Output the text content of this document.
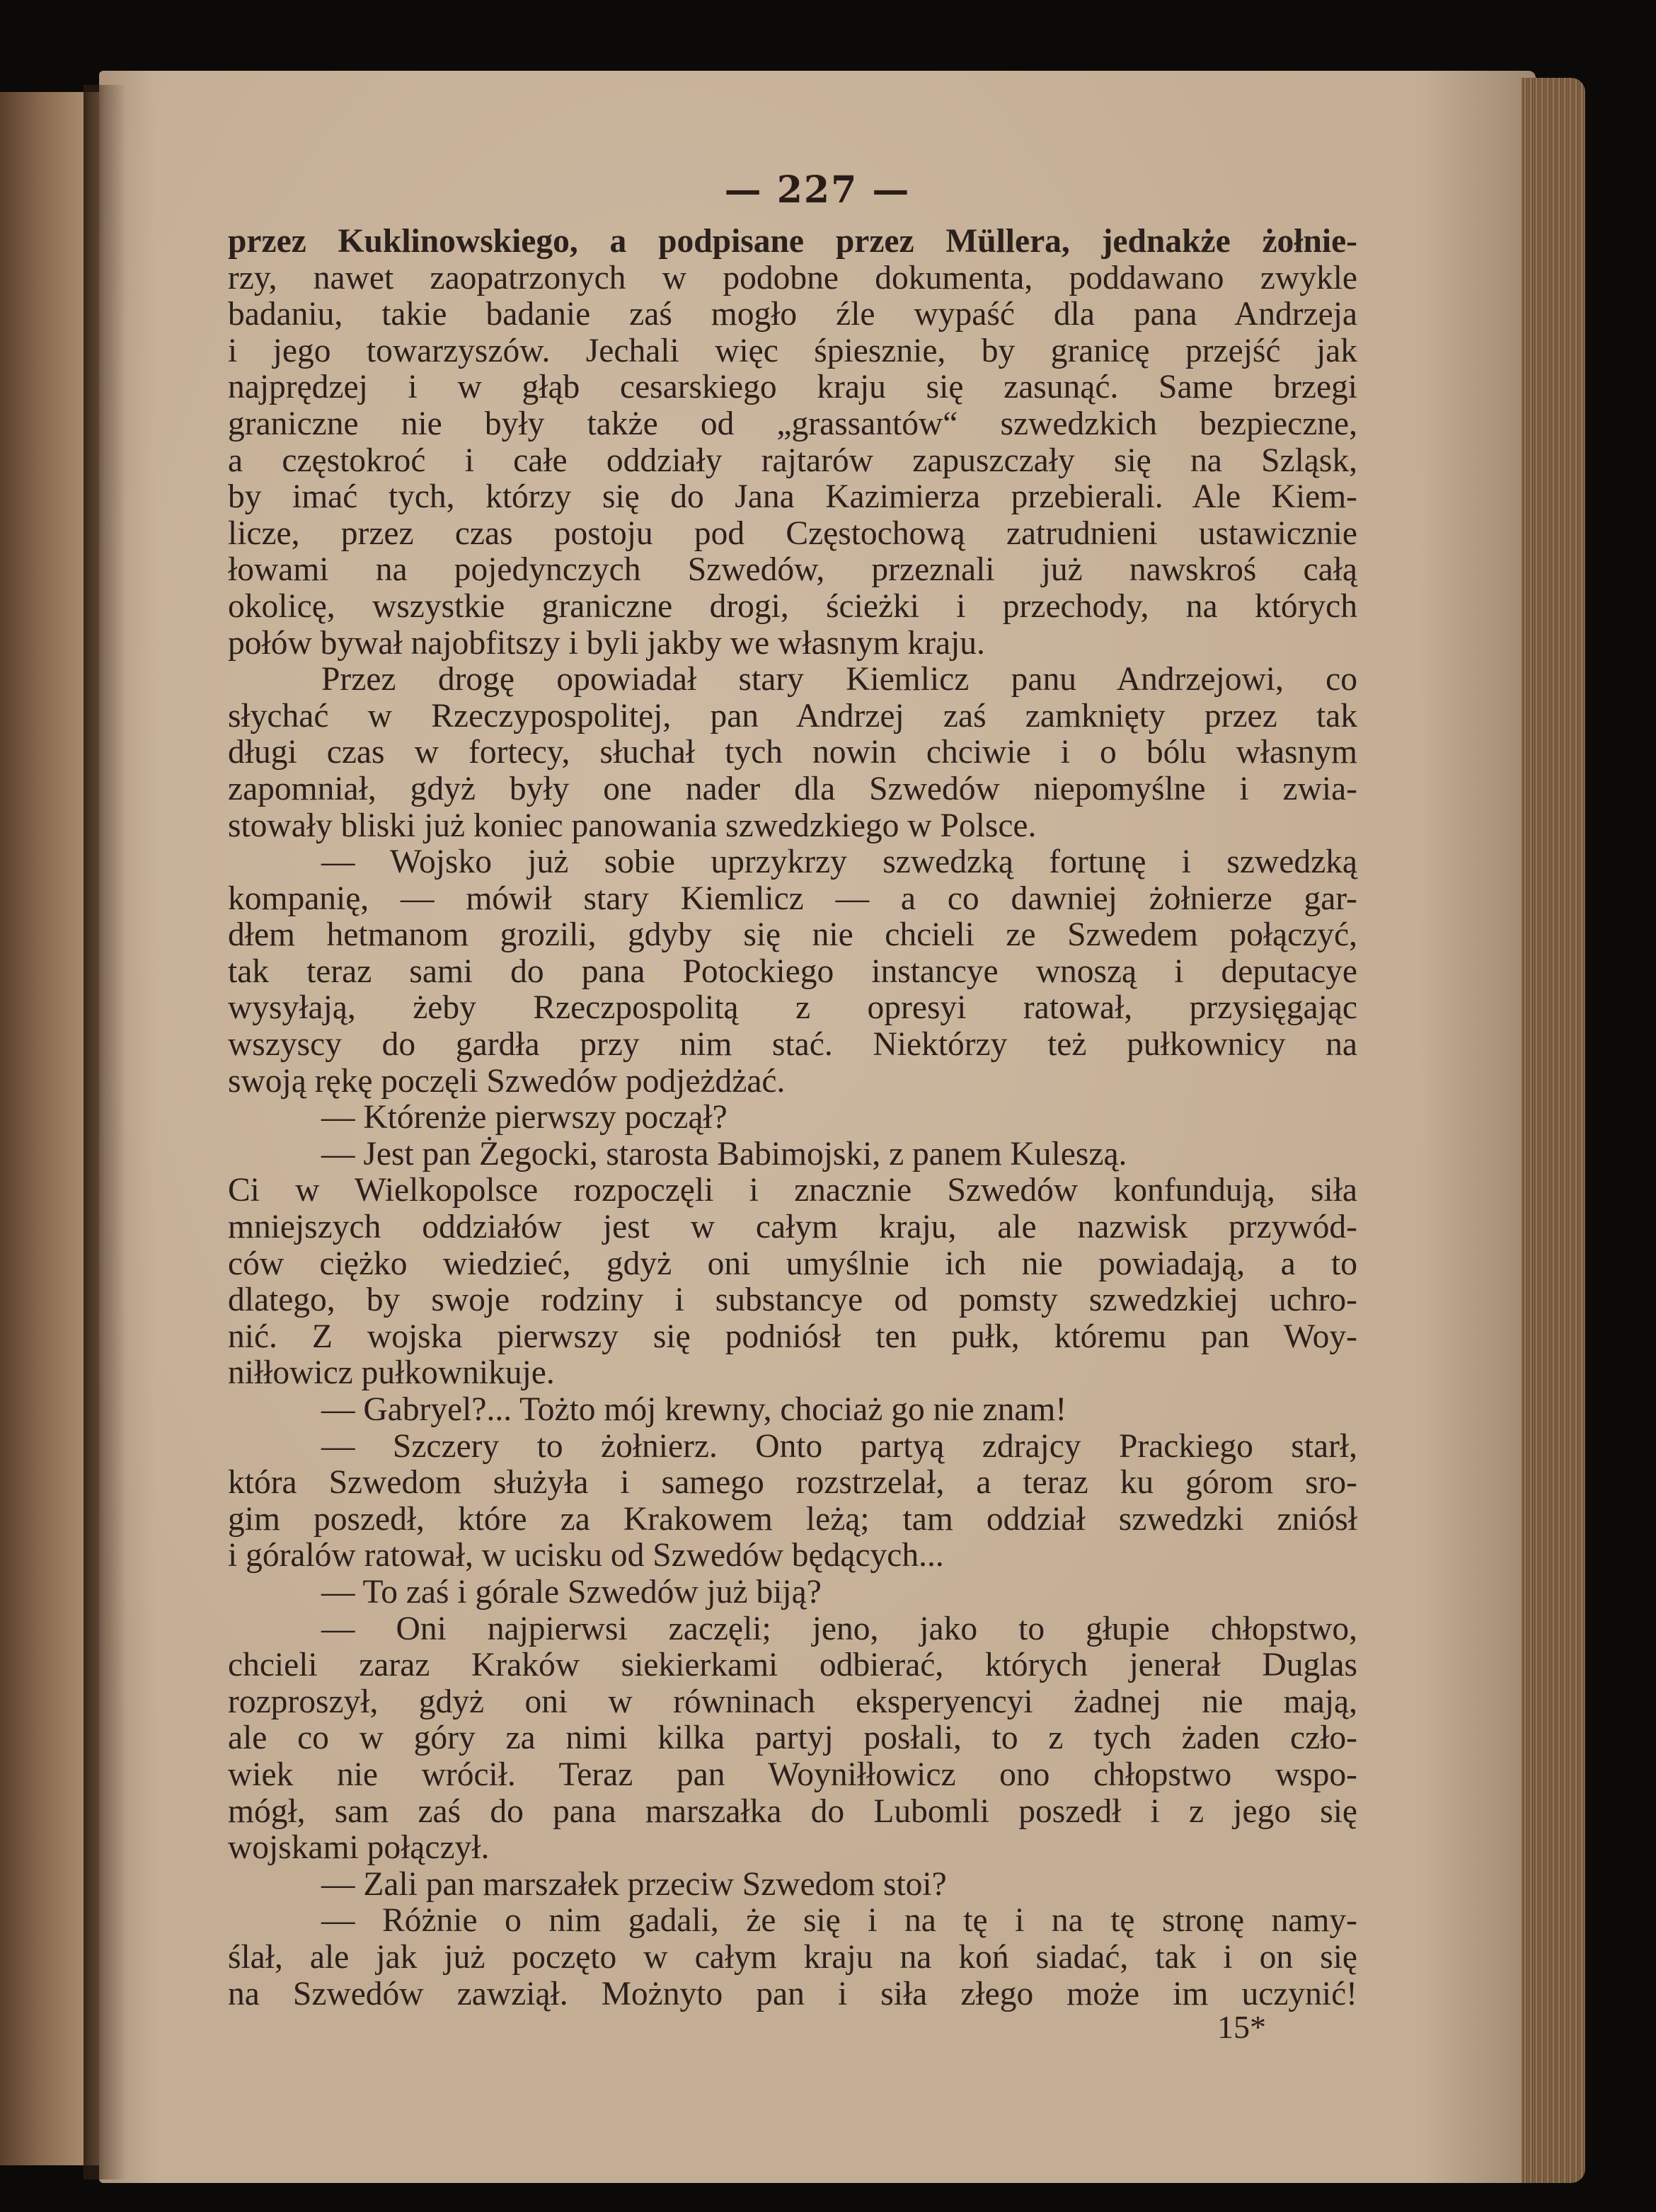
— 227 —
przez Kuklinowskiego, a podpisane przez Müllera, jednakże żołnie-
rzy, nawet zaopatrzonych w podobne dokumenta, poddawano zwykle
badaniu, takie badanie zaś mogło źle wypaść dla pana Andrzeja
i jego towarzyszów. Jechali więc śpiesznie, by granicę przejść jak
najprędzej i w głąb cesarskiego kraju się zasunąć. Same brzegi
graniczne nie były także od „grassantów“ szwedzkich bezpieczne,
a częstokroć i całe oddziały rajtarów zapuszczały się na Szląsk,
by imać tych, którzy się do Jana Kazimierza przebierali. Ale Kiem-
licze, przez czas postoju pod Częstochową zatrudnieni ustawicznie
łowami na pojedynczych Szwedów, przeznali już nawskroś całą
okolicę, wszystkie graniczne drogi, ścieżki i przechody, na których
połów bywał najobfitszy i byli jakby we własnym kraju.
Przez drogę opowiadał stary Kiemlicz panu Andrzejowi, co
słychać w Rzeczypospolitej, pan Andrzej zaś zamknięty przez tak
długi czas w fortecy, słuchał tych nowin chciwie i o bólu własnym
zapomniał, gdyż były one nader dla Szwedów niepomyślne i zwia-
stowały bliski już koniec panowania szwedzkiego w Polsce.
— Wojsko już sobie uprzykrzy szwedzką fortunę i szwedzką
kompanię, — mówił stary Kiemlicz — a co dawniej żołnierze gar-
dłem hetmanom grozili, gdyby się nie chcieli ze Szwedem połączyć,
tak teraz sami do pana Potockiego instancye wnoszą i deputacye
wysyłają, żeby Rzeczpospolitą z opresyi ratował, przysięgając
wszyscy do gardła przy nim stać. Niektórzy też pułkownicy na
swoją rękę poczęli Szwedów podjeżdżać.
— Którenże pierwszy począł?
— Jest pan Żegocki, starosta Babimojski, z panem Kuleszą.
Ci w Wielkopolsce rozpoczęli i znacznie Szwedów konfundują, siła
mniejszych oddziałów jest w całym kraju, ale nazwisk przywód-
ców ciężko wiedzieć, gdyż oni umyślnie ich nie powiadają, a to
dlatego, by swoje rodziny i substancye od pomsty szwedzkiej uchro-
nić. Z wojska pierwszy się podniósł ten pułk, któremu pan Woy-
niłłowicz pułkownikuje.
— Gabryel?... Tożto mój krewny, chociaż go nie znam!
— Szczery to żołnierz. Onto partyą zdrajcy Prackiego starł,
która Szwedom służyła i samego rozstrzelał, a teraz ku górom sro-
gim poszedł, które za Krakowem leżą; tam oddział szwedzki zniósł
i góralów ratował, w ucisku od Szwedów będących...
— To zaś i górale Szwedów już biją?
— Oni najpierwsi zaczęli; jeno, jako to głupie chłopstwo,
chcieli zaraz Kraków siekierkami odbierać, których jenerał Duglas
rozproszył, gdyż oni w równinach eksperyencyi żadnej nie mają,
ale co w góry za nimi kilka partyj posłali, to z tych żaden czło-
wiek nie wrócił. Teraz pan Woyniłłowicz ono chłopstwo wspo-
mógł, sam zaś do pana marszałka do Lubomli poszedł i z jego się
wojskami połączył.
— Zali pan marszałek przeciw Szwedom stoi?
— Różnie o nim gadali, że się i na tę i na tę stronę namy-
ślał, ale jak już poczęto w całym kraju na koń siadać, tak i on się
na Szwedów zawziął. Możnyto pan i siła złego może im uczynić!
15*
